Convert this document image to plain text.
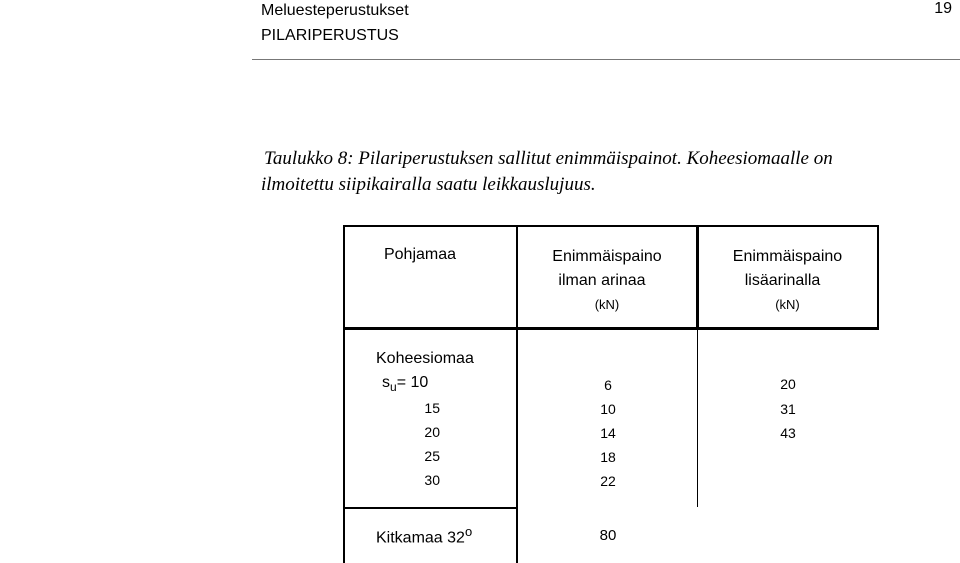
Meluesteperustukset
PILARIPERUSTUS
19
Taulukko 8: Pilariperustuksen sallitut enimmäispainot. Koheesiomaalle on
ilmoitettu siipikairalla saatu leikkauslujuus.
Pohjamaa	Enimmäispaino
ilman arinaa
(kN)
Enimmäispaino
lisäarinalla
(kN)
Koheesiomaa
$s_u= 10$
15
20
25
30
6
10
14
18
22
20
31
43
Kitkamaa 32$^o$	80
